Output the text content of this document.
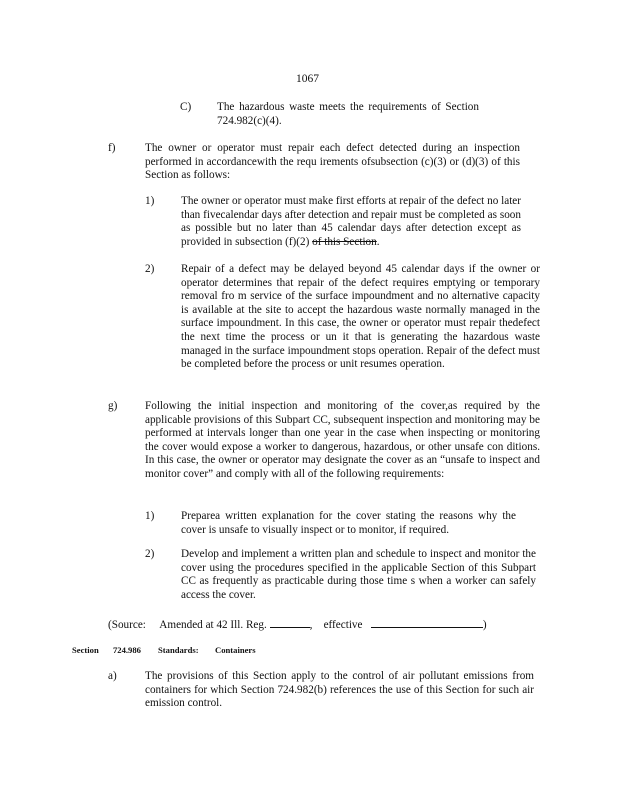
1067
C) The hazardous waste meets the requirements of Section 724.982(c)(4).
f)	The owner or operator must repair each defect detected during an inspection performed in accordancewith the requ irements ofsubsection (c)(3) or (d)(3) of this Section as follows:
1) The owner or operator must make first efforts at repair of the defect no later than fivecalendar days after detection and repair must be completed as soon as possible but no later than 45 calendar days after detection except as provided in subsection (f)(2) of this Section.
2) Repair of a defect may be delayed beyond 45 calendar days if the owner or operator determines that repair of the defect requires emptying or temporary removal fro m service of the surface impoundment and no alternative capacity is available at the site to accept the hazardous waste normally managed in the surface impoundment. In this case, the owner or operator must repair thedefect the next time the process or un it that is generating the hazardous waste managed in the surface impoundment stops operation. Repair of the defect must be completed before the process or unit resumes operation.
g) Following the initial inspection and monitoring of the cover,as required by the applicable provisions of this Subpart CC, subsequent inspection and monitoring may be performed at intervals longer than one year in the case when inspecting or monitoring the cover would expose a worker to dangerous, hazardous, or other unsafe con ditions. In this case, the owner or operator may designate the cover as an “unsafe to inspect and monitor cover” and comply with all of the following requirements:
1) Preparea written explanation for the cover stating the reasons why the cover is unsafe to visually inspect or to monitor, if required.
2) Develop and implement a written plan and schedule to inspect and monitor the cover using the procedures specified in the applicable Section of this Subpart CC as frequently as practicable during those time s when a worker can safely access the cover.
(Source: Amended at 42 Ill. Reg.	,    effective	)
Section 724.986 Standards: Containers
a)	The provisions of this Section apply to the control of air pollutant emissions from containers for which Section 724.982(b) references the use of this Section for such air emission control.
